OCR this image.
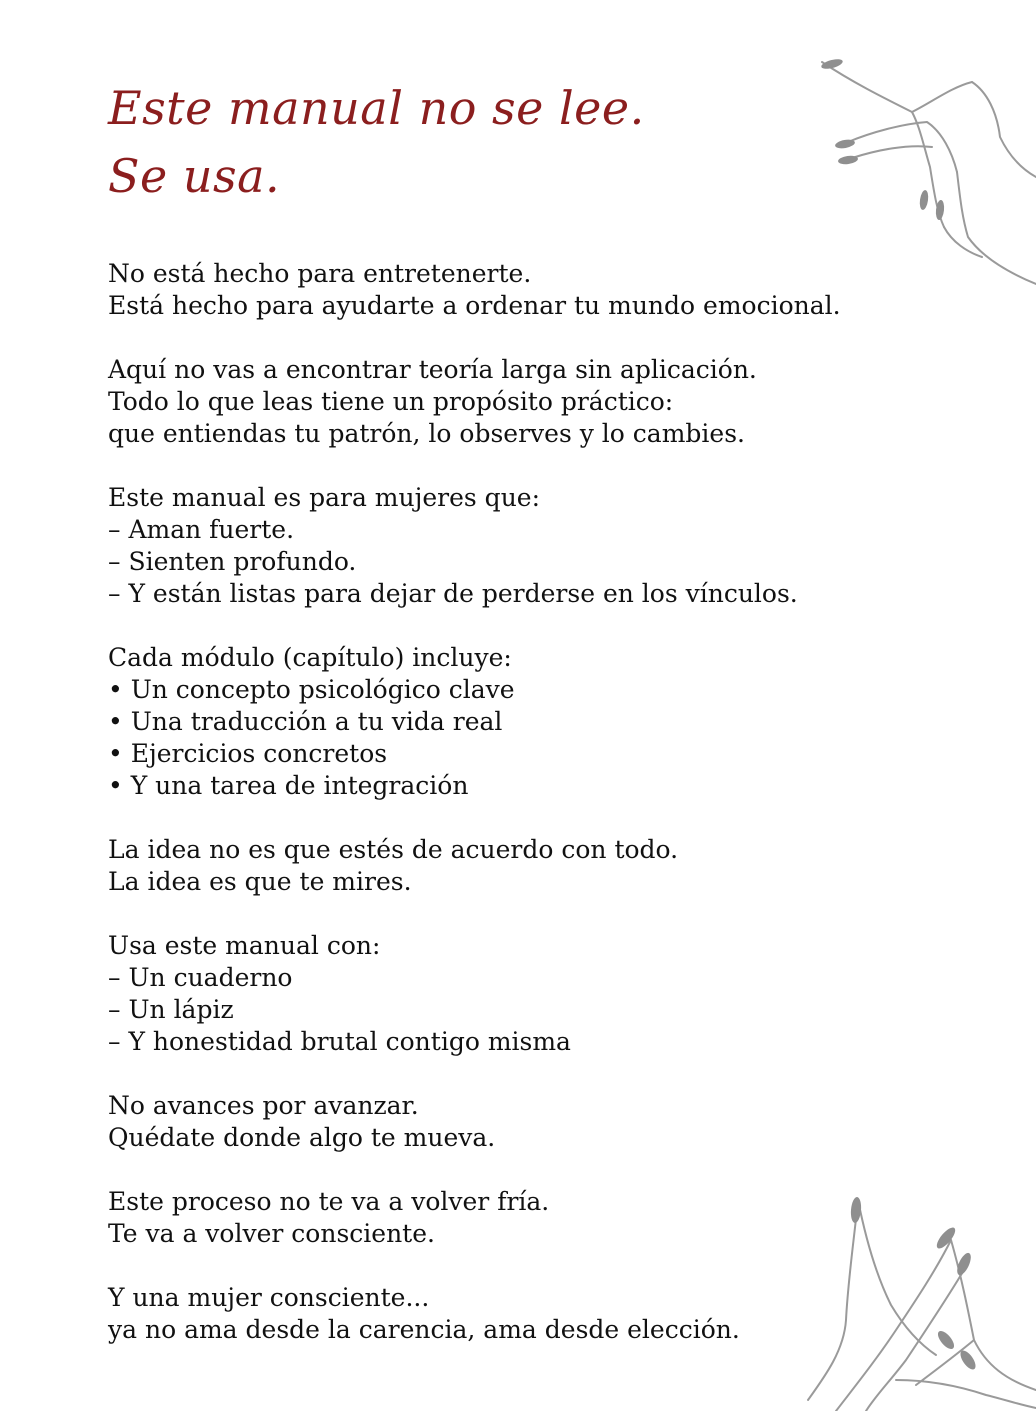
Este manual no se lee.
Se usa.

No está hecho para entretenerte.
Está hecho para ayudarte a ordenar tu mundo emocional.

Aquí no vas a encontrar teoría larga sin aplicación.
Todo lo que leas tiene un propósito práctico:
que entiendas tu patrón, lo observes y lo cambies.

Este manual es para mujeres que:
– Aman fuerte.
– Sienten profundo.
– Y están listas para dejar de perderse en los vínculos.

Cada módulo (capítulo) incluye:
• Un concepto psicológico clave
• Una traducción a tu vida real
• Ejercicios concretos
• Y una tarea de integración

La idea no es que estés de acuerdo con todo.
La idea es que te mires.

Usa este manual con:
– Un cuaderno
– Un lápiz
– Y honestidad brutal contigo misma

No avances por avanzar.
Quédate donde algo te mueva.

Este proceso no te va a volver fría.
Te va a volver consciente.

Y una mujer consciente...
ya no ama desde la carencia, ama desde elección.
